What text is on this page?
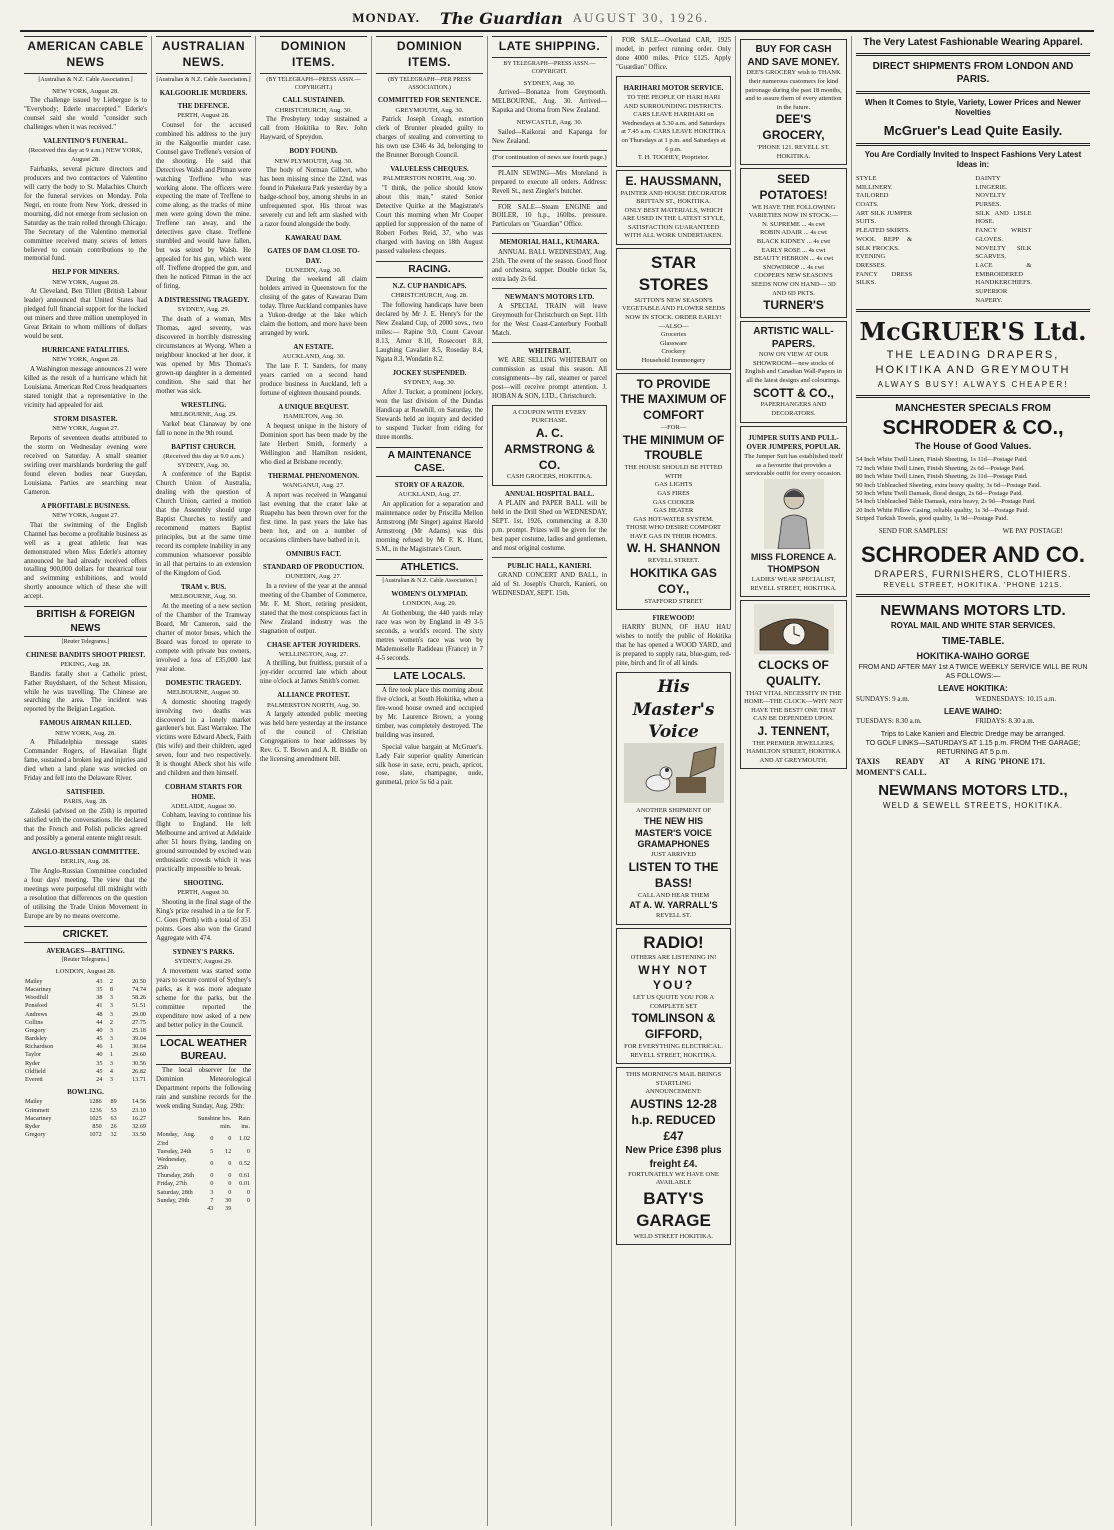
MONDAY.	The Guardian AUGUST 30, 1926.
AMERICAN CABLE NEWS
[Australian & N.Z. Cable Association.]
NEW YORK, August 28.
The challenge issued by Liebergue is to "Everybody; Ederle unaccepted." Ederle's counsel said she would "consider such challenges when it was received."
VALENTINO'S FUNERAL.
(Received this day at 9 a.m.) NEW YORK, August 28.
Fairbanks, several picture directors and producers and two contractors of Valentino will carry the body to St. Malachies Church for the funeral services on Monday. Pola Negri, en route from New York, dressed in mourning, did not emerge from seclusion on Saturday as the train rolled through Chicago. The Secretary of the Valentino memorial committee received many scores of letters believed to contain contributions to the memorial fund.
HELP FOR MINERS.
NEW YORK, August 28.
At Cleveland, Ben Tillett (British Labour leader) announced that United States had pledged full financial support for the locked out miners and three million unemployed in Great Britain to whom millions of dollars would be sent.
HURRICANE FATALITIES.
NEW YORK, August 28.
A Washington message announces 21 were killed as the result of a hurricane which hit Louisiana. American Red Cross headquarters stated tonight that a representative in the vicinity had appealed for aid.
STORM DISASTER.
NEW YORK, August 27.
Reports of seventeen deaths attributed to the storm on Wednesday evening were received on Saturday. A small steamer swirling over marshlands bordering the gulf found eleven bodies near Gueydan, Louisiana. Parties are searching near Cameron.
A PROFITABLE BUSINESS.
NEW YORK, August 27.
That the swimming of the English Channel has become a profitable business as well as a great athletic feat was demonstrated when Miss Ederle's attorney announced he had already received offers totalling 900,000 dollars for theatrical tour and swimming exhibitions, and would shortly announce which of these she will accept.
BRITISH & FOREIGN NEWS
[Reuter Telegrams.]
CHINESE BANDITS SHOOT PRIEST.
PEKING, Aug. 28.
Bandits fatally shot a Catholic priest, Father Ruydshaert, of the Scheut Mission, while he was travelling. The Chinese are searching the area. The incident was reported by the Belgian Legation.
FAMOUS AIRMAN KILLED.
NEW YORK, Aug. 28.
A Philadelphia message states Commander Rogers, of Hawaiian flight fame, sustained a broken leg and injuries and died when a land plane was wrecked on Friday and fell into the Delaware River.
SATISFIED.
PARIS, Aug. 28.
Zaleski (advised on the 25th) is reported satisfied with the conversations. He declared that the French and Polish policies agreed and possibly a general entente might result.
ANGLO-RUSSIAN COMMITTEE.
BERLIN, Aug. 28.
The Anglo-Russian Committee concluded a four days' meeting. The view that the meetings were purposeful till midnight with a resolution that differences on the question of utilising the Trade Union Movement in Europe are by no means overcome.
CRICKET.
AVERAGES—BATTING.
[Reuter Telegrams.]
LONDON, August 28.
Mailey	43	2	20.50
Macartney	35	8	74.74
Woodfull	38	3	58.26
Ponsford	41	3	51.51
Andrews	48	3	29.00
Collins	44	2	27.75
Gregory	40	3	25.18
Bardsley	45	3	39.04
Richardson	46	1	30.64
Taylor	40	1	29.60
Ryder	35	3	30.56
Oldfield	45	4	26.82
Everett	24	3	13.71
BOWLING.
Mailey	1286	89	14.56
Grimmett	1236	53	23.10
Macartney	1025	63	16.27
Ryder	850	26	32.69
Gregory	1072	32	33.50
AUSTRALIAN NEWS.
[Australian & N.Z. Cable Association.]
KALGOORLIE MURDERS.
THE DEFENCE.
PERTH, August 28.
Counsel for the accused combined his address to the jury in the Kalgoorlie murder case. Counsel gave Treffene's version of the shooting. He said that Detectives Walsh and Pitman were watching Treffene who was working alone. The officers were expecting the mate of Treffene to come along, as the tracks of mine men were going down the mine. Treffene ran away, and the detectives gave chase. Treffene stumbled and would have fallen, but was seized by Walsh. He appealed for his gun, which went off. Treffene dropped the gun, and then he noticed Pitman in the act of firing.
A DISTRESSING TRAGEDY.
SYDNEY, Aug. 29.
The death of a woman, Mrs Thomas, aged seventy, was discovered in horribly distressing circumstances at Wyong. When a neighbour knocked at her door, it was opened by Mrs Thomas's grown-up daughter in a demented condition. She said that her mother was sick.
WRESTLING.
MELBOURNE, Aug. 29.
Varkel beat Clanaway by one fall to none in the 9th round.
BAPTIST CHURCH.
(Received this day at 9.0 a.m.) SYDNEY, Aug. 30.
A conference of the Baptist Church Union of Australia, dealing with the question of Church Union, carried a motion that the Assembly should urge Baptist Churches to testify and recommend matters Baptist principles, but at the same time record its complete inability in any communion whatsoever possible in all that pertains to an extension of the Kingdom of God.
TRAM v. BUS.
MELBOURNE, Aug. 30.
At the meeting of a new section of the Chamber of the Tramway Board, Mr Cameron, said the charter of motor buses, which the Board was forced to operate to compete with private bus owners, involved a loss of £35,000 last year alone.
DOMESTIC TRAGEDY.
MELBOURNE, August 30.
A domestic shooting tragedy involving two deaths was discovered in a lonely market gardener's hut. East Warrakee. The victims were Edward Abeck, Faith (his wife) and their children, aged seven, four and two respectively. It is thought Abeck shot his wife and children and then himself.
COBHAM STARTS FOR HOME.
ADELAIDE, August 30.
Cobham, leaving to continue his flight to England. He left Melbourne and arrived at Adelaide after 51 hours flying, landing on ground surrounded by excited wan enthusiastic crowds which it was practically impossible to break.
SHOOTING.
PERTH, August 30.
Shooting in the final stage of the King's prize resulted in a tie for F. C. Goes (Perth) with a total of 351 points. Goes also won the Grand Aggregate with 474.
SYDNEY'S PARKS.
SYDNEY, August 29.
A movement was started some years to secure control of Sydney's parks, as it was more adequate scheme for the parks, but the committee reported the expenditure now asked of a new and better policy in the Council.
LOCAL WEATHER BUREAU.
The local observer for the Dominion Meteorological Department reports the following rain and sunshine records for the week ending Sunday, Aug. 29th:
	Sunshine hrs. min.		Rain ins.
Monday, Aug. 23rd	0	0	1.02
Tuesday, 24th	5	12	0
Wednesday, 25th	0	0	0.52
Thursday, 26th	0	0	0.61
Friday, 27th	0	0	0.01
Saturday, 28th	3	0	0
Sunday, 29th	7	30	0
	43	39	
DOMINION ITEMS.
(BY TELEGRAPH—PRESS ASSN.—COPYRIGHT.)
CALL SUSTAINED.
CHRISTCHURCH, Aug. 30.
The Presbytery today sustained a call from Hokitika to Rev. John Hayward, of Spreydon.
BODY FOUND.
NEW PLYMOUTH, Aug. 30.
The body of Norman Gilbert, who has been missing since the 22nd, was found in Pukekura Park yesterday by a badge-school boy, among shrubs in an unfrequented spot. His throat was severely cut and left arm slashed with a razor found alongside the body.
KAWARAU DAM.
GATES OF DAM CLOSE TO-DAY.
DUNEDIN, Aug. 30.
During the weekend all claim holders arrived in Queenstown for the closing of the gates of Kawarau Dam today. Three Auckland companies have a Yukon-dredge at the lake which claim the bottom, and more have been arranged by work.
AN ESTATE.
AUCKLAND, Aug. 30.
The late F. T. Sanders, for many years carried on a second hand produce business in Auckland, left a fortune of eighteen thousand pounds.
A UNIQUE BEQUEST.
HAMILTON, Aug. 30.
A bequest unique in the history of Dominion sport has been made by the late Herbert Smith, formerly a Wellington and Hamilton resident, who died at Brisbane recently.
THERMAL PHENOMENON.
WANGANUI, Aug. 27.
A report was received in Wanganui last evening that the crater lake at Ruapehu has been thrown over for the first time. In past years the lake has been hot, and on a number of occasions climbers have bathed in it.
OMNIBUS FACT.
STANDARD OF PRODUCTION.
DUNEDIN, Aug. 27.
In a review of the year at the annual meeting of the Chamber of Commerce, Mr. F. M. Short, retiring president, stated that the most conspicuous fact in New Zealand industry was the stagnation of output.
CHASE AFTER JOYRIDERS.
WELLINGTON, Aug. 27.
A thrilling, but fruitless, pursuit of a joy-rider occurred late which about nine o'clock at James Smith's corner.
ALLIANCE PROTEST.
PALMERSTON NORTH, Aug. 30.
A largely attended public meeting was held here yesterday at the instance of the council of Christian Congregations to hear addresses by Rev. G. T. Brown and A. R. Biddle on the licensing amendment bill.
DOMINION ITEMS.
(BY TELEGRAPH—PER PRESS ASSOCIATION.)
COMMITTED FOR SENTENCE.
GREYMOUTH, Aug. 30.
Patrick Joseph Creagh, extortion clerk of Brunner pleaded guilty to charges of stealing and converting to his own use £346 4s 3d, belonging to the Brunner Borough Council.
VALUELESS CHEQUES.
PALMERSTON NORTH, Aug. 30.
"I think, the police should know about this man," stated Senior Detective Quirke at the Magistrate's Court this morning when Mr Cooper applied for suppression of the name of Robert Forbes Reid, 37, who was charged with having on 18th August passed valueless cheques.
RACING.
N.Z. CUP HANDICAPS.
CHRISTCHURCH, Aug. 28.
The following handicaps have been declared by Mr J. E. Henry's for the New Zealand Cup, of 2000 sovs., two miles:— Rapine 9.0, Count Cavour 8.13, Amor 8.10, Rosecourt 8.8, Laughing Cavalier 8.5, Roseday 8.4, Ngata 8.3, Wondatin 8.2.
JOCKEY SUSPENDED.
SYDNEY, Aug. 30.
After J. Tucker, a prominent jockey, won the last division of the Dundas Handicap at Rosehill, on Saturday, the Stewards held an inquiry and decided to suspend Tucker from riding for three months.
A MAINTENANCE CASE.
STORY OF A RAZOR.
AUCKLAND, Aug. 27.
An application for a separation and maintenance order by Priscilla Mellon Armstrong (Mr Singer) against Harold Armstrong (Mr Adams) was this morning refused by Mr F. K. Hunt, S.M., in the Magistrate's Court.
ATHLETICS.
[Australian & N.Z. Cable Association.]
WOMEN'S OLYMPIAD.
LONDON, Aug. 29.
At Gothenburg, the 440 yards relay race was won by England in 49 3-5 seconds, a world's record. The sixty metres women's race was won by Mademoiselle Radideau (France) in 7 4-5 seconds.
LATE LOCALS.
A fire took place this morning about five o'clock, at South Hokitika, when a fire-wood house owned and occupied by Mr. Laurence Brown, a young timber, was completely destroyed. The building was insured.
Special value bargain at McGruer's. Lady Fair superior quality American silk hose in saxe, ecru, peach, apricot, rose, slate, champagne, nude, gunmetal, price 5s 6d a pair.
LATE SHIPPING.
BY TELEGRAPH—PRESS ASSN.—COPYRIGHT.
SYDNEY, Aug. 30.
Arrived—Bonanza from Greymouth. MELBOURNE, Aug. 30. Arrived—Kapuka and Oroma from New Zealand.
NEWCASTLE, Aug. 30.
Sailed—Kaikorai and Kapanga for New Zealand.
(For continuation of news see fourth page.)
PLAIN SEWING—Mrs Moreland is prepared to execute all orders. Address: Revell St., next Ziegler's butcher.
FOR SALE—Steam ENGINE and BOILER, 10 h.p., 160lbs. pressure. Particulars on "Guardian" Office.
MEMORIAL HALL, KUMARA.
ANNUAL BALL WEDNESDAY, Aug. 25th. The event of the season. Good floor and orchestra, supper. Double ticket 5s, extra lady 2s 6d.
NEWMAN'S MOTORS LTD.
A SPECIAL TRAIN will leave Greymouth for Christchurch on Sept. 11th for the West Coast-Canterbury Football Match.
WHITEBAIT.
WE ARE SELLING WHITEBAIT on commission as usual this season. All consignments—by rail, steamer or parcel post—will receive prompt attention. J. HOBAN & SON, LTD., Christchurch.
A COUPON WITH EVERY PURCHASE.
A. C. ARMSTRONG & CO.
CASH GROCERS, HOKITIKA.
ANNUAL HOSPITAL BALL.
A PLAIN and PAPER BALL will be held in the Drill Shed on WEDNESDAY, SEPT. 1st, 1926, commencing at 8.30 p.m. prompt. Prizes will be given for the best paper costume, ladies and gentlemen, and most original costume.
PUBLIC HALL, KANIERI.
GRAND CONCERT AND BALL, in aid of St. Joseph's Church, Kanieri, on WEDNESDAY, SEPT. 15th.
FOR SALE—Overland CAR, 1925 model, in perfect running order. Only done 4000 miles. Price £125. Apply "Guardian" Office.
HARIHARI MOTOR SERVICE.
TO THE PEOPLE OF HARI HARI AND SURROUNDING DISTRICTS. CARS LEAVE HARIHARI on Wednesdays at 5.30 a.m. and Saturdays at 7.45 a.m. CARS LEAVE HOKITIKA on Thursdays at 1 p.m. and Saturdays at 6 p.m.
T. H. TOOHEY, Proprietor.
E. HAUSSMANN,
PAINTER AND HOUSE DECORATOR BRITTAN ST., HOKITIKA.
ONLY BEST MATERIALS, WHICH ARE USED IN THE LATEST STYLE, SATISFACTION GUARANTEED WITH ALL WORK UNDERTAKEN.
STAR STORES
SUTTON'S NEW SEASON'S VEGETABLE AND FLOWER SEEDS NOW IN STOCK. ORDER EARLY!
—ALSO—
Groceries
Glassware
Crockery
Household Ironmongery
TO PROVIDE
THE MAXIMUM OF COMFORT
—FOR—
THE MINIMUM OF TROUBLE
THE HOUSE SHOULD BE FITTED WITH
GAS LIGHTS
GAS FIRES
GAS COOKER
GAS HEATER
GAS HOT-WATER SYSTEM.
THOSE WHO DESIRE COMFORT HAVE GAS IN THEIR HOMES.
W. H. SHANNON
REVELL STREET.
HOKITIKA GAS COY.,
STAFFORD STREET
FIREWOOD!
HARRY BUNN, OF HAU HAU wishes to notify the public of Hokitika that he has opened a WOOD YARD, and is prepared to supply rata, blue-gum, red-pine, birch and fir of all kinds.
His Master's Voice
ANOTHER SHIPMENT OF
THE NEW HIS MASTER'S VOICE GRAMAPHONES
JUST ARRIVED
LISTEN TO THE BASS!
CALL AND HEAR THEM
AT A. W. YARRALL'S
REVELL ST.
RADIO!
OTHERS ARE LISTENING IN!
WHY NOT YOU?
LET US QUOTE YOU FOR A COMPLETE SET
TOMLINSON & GIFFORD,
FOR EVERYTHING ELECTRICAL.
REVELL STREET, HOKITIKA.
THIS MORNING'S MAIL BRINGS STARTLING
ANNOUNCEMENT:
AUSTINS 12-28 h.p. REDUCED £47
New Price £398 plus freight £4.
FORTUNATELY WE HAVE ONE AVAILABLE
BATY'S GARAGE
WELD STREET HOKITIKA.
BUY FOR CASH AND SAVE MONEY.
DEE'S GROCERY wish to THANK their numerous customers for kind patronage during the past 18 months, and to assure them of every attention in the future.
DEE'S GROCERY,
'PHONE 121. REVELL ST. HOKITIKA.
SEED POTATOES!
WE HAVE THE FOLLOWING VARIETIES NOW IN STOCK:—
N. SUPREME ... 4s cwt
ROBIN ADAIR ... 4s cwt
BLACK KIDNEY ... 4s cwt
EARLY ROSE ... 4s cwt
BEAUTY HEBRON ... 4s cwt
SNOWDROP ... 4s cwt
COOPER'S NEW SEASON'S SEEDS NOW ON HAND— 3D AND 6D PKTS.
TURNER'S
ARTISTIC WALL-PAPERS.
NOW ON VIEW AT OUR SHOWROOM—new stocks of English and Canadian Wall-Papers in all the latest designs and colourings.
SCOTT & CO.,
PAPERHANGERS AND DECORATORS.
JUMPER SUITS AND PULL-OVER JUMPERS, POPULAR.
The Jumper Suit has established itself as a favourite that provides a serviceable outfit for every occasion.
MISS FLORENCE A. THOMPSON
LADIES' WEAR SPECIALIST, REVELL STREET, HOKITIKA.
CLOCKS OF QUALITY.
THAT VITAL NECESSITY IN THE HOME—THE CLOCK—WHY NOT HAVE THE BEST? ONE THAT CAN BE DEPENDED UPON.
J. TENNENT,
THE PREMIER JEWELLERS,
HAMILTON STREET, HOKITIKA AND AT GREYMOUTH.
The Very Latest Fashionable Wearing Apparel.
DIRECT SHIPMENTS FROM LONDON AND PARIS.
When It Comes to Style, Variety, Lower Prices and Newer Novelties
McGruer's Lead Quite Easily.
You Are Cordially Invited to Inspect Fashions Very Latest Ideas in:
STYLE MILLINERY.
TAILORED COATS.
ART SILK JUMPER SUITS.
PLEATED SKIRTS.
WOOL REPP & SILK FROCKS.
EVENING DRESSES.
FANCY DRESS SILKS.
DAINTY LINGERIE.
NOVELTY PURSES.
SILK AND LISLE HOSE.
FANCY WRIST GLOVES.
NOVELTY SILK SCARVES.
LACE & EMBROIDERED HANDKERCHIEFS.
SUPERIOR NAPERY.
McGRUER'S Ltd.
THE LEADING DRAPERS,
HOKITIKA AND GREYMOUTH
ALWAYS BUSY! ALWAYS CHEAPER!
MANCHESTER SPECIALS FROM
SCHRODER & CO.,
The House of Good Values.
54 Inch White Twill Linen, Finish Sheeting, 1s 11d—Postage Paid.
72 Inch White Twill Linen, Finish Sheeting, 2s 6d—Postage Paid.
80 Inch White Twill Linen, Finish Sheeting, 2s 11d—Postage Paid.
90 Inch Unbleached Sheeting, extra heavy quality, 3s 6d—Postage Paid.
50 Inch White Twill Damask, floral design, 2s 6d—Postage Paid.
54 Inch Unbleached Table Damask, extra heavy, 2s 9d—Postage Paid.
20 Inch White Pillow Casing, reliable quality, 1s 3d—Postage Paid.
Striped Turkish Towels, good quality, 1s 9d—Postage Paid.
SEND FOR SAMPLES!	WE PAY POSTAGE!
SCHRODER AND CO.
DRAPERS, FURNISHERS, CLOTHIERS.
REVELL STREET, HOKITIKA. 'PHONE 121S.
NEWMANS MOTORS LTD.
ROYAL MAIL AND WHITE STAR SERVICES.
TIME-TABLE.
HOKITIKA-WAIHO GORGE
FROM AND AFTER MAY 1st A TWICE WEEKLY SERVICE WILL BE RUN AS FOLLOWS:—
LEAVE HOKITIKA:
SUNDAYS: 9 a.m.	WEDNESDAYS: 10.15 a.m.
LEAVE WAIHO:
TUESDAYS: 8.30 a.m.	FRIDAYS: 8.30 a.m.
Trips to Lake Kanieri and Electric Dredge may be arranged.
TO GOLF LINKS—SATURDAYS AT 1.15 p.m. FROM THE GARAGE; RETURNING AT 5 p.m.
TAXIS READY AT A MOMENT'S CALL.
RING 'PHONE 171.
NEWMANS MOTORS LTD.,
WELD & SEWELL STREETS, HOKITIKA.
